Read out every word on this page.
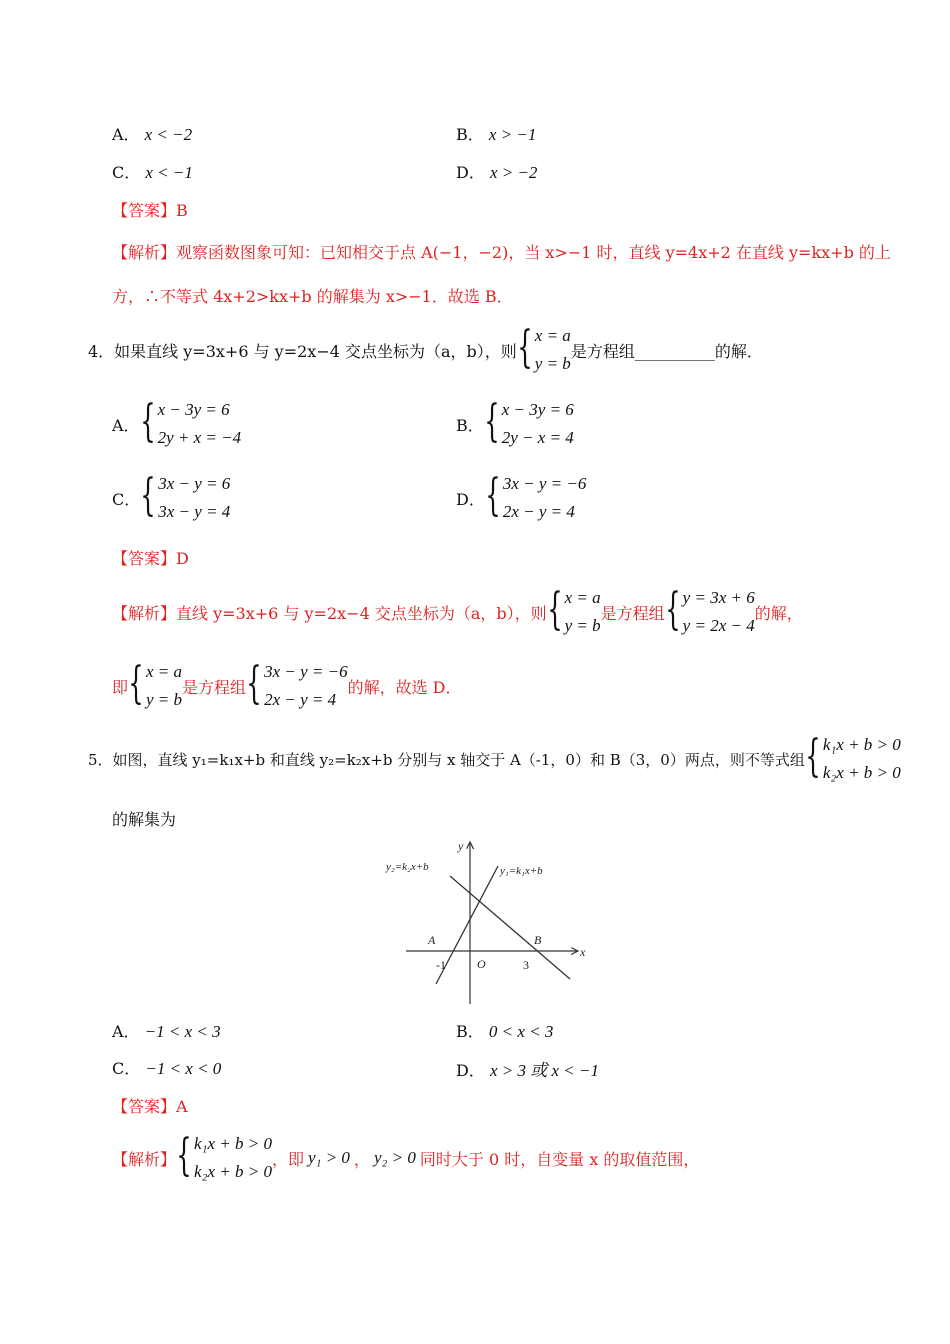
A． x < −2	B． x > −1
C． x < −1	D． x > −2
【答案】B
【解析】观察函数图象可知：已知相交于点 A(−1，−2)，当 x>−1 时，直线 y=4x+2 在直线 y=kx+b 的上
方，∴不等式 4x+2>kx+b 的解集为 x>−1．故选 B．
4．如果直线 y=3x+6 与 y=2x−4 交点坐标为（a，b），则 { x = a
y = b
是方程组__________的解．
A． { x − 3y = 6
2y + x = −4
B． { x − 3y = 6
2y − x = 4
C． { 3x − y = 6
3x − y = 4
D． { 3x − y = −6
2x − y = 4
【答案】D
【解析】 直线 y=3x+6 与 y=2x−4 交点坐标为（a，b），则 { x = a
y = b
是方程组 { y = 3x + 6
y = 2x − 4
的解，
即 { x = a
y = b
是方程组 { 3x − y = −6
2x − y = 4
的解，故选 D．
5．如图，直线 y₁=k₁x+b 和直线 y₂=k₂x+b 分别与 x 轴交于 A（-1，0）和 B（3，0）两点，则不等式组 { k₁x + b > 0
k₂x + b > 0
的解集为
y
x
y₂=k₂x+b	y₁=k₁x+b
A	B
O
-1	3
A． −1 < x < 3	B． 0 < x < 3
C． −1 < x < 0	D． x > 3 或 x < −1
【答案】A
【解析】 { k₁x + b > 0
k₂x + b > 0
，即 y₁ > 0 ， y₂ > 0 同时大于 0 时，自变量 x 的取值范围，
